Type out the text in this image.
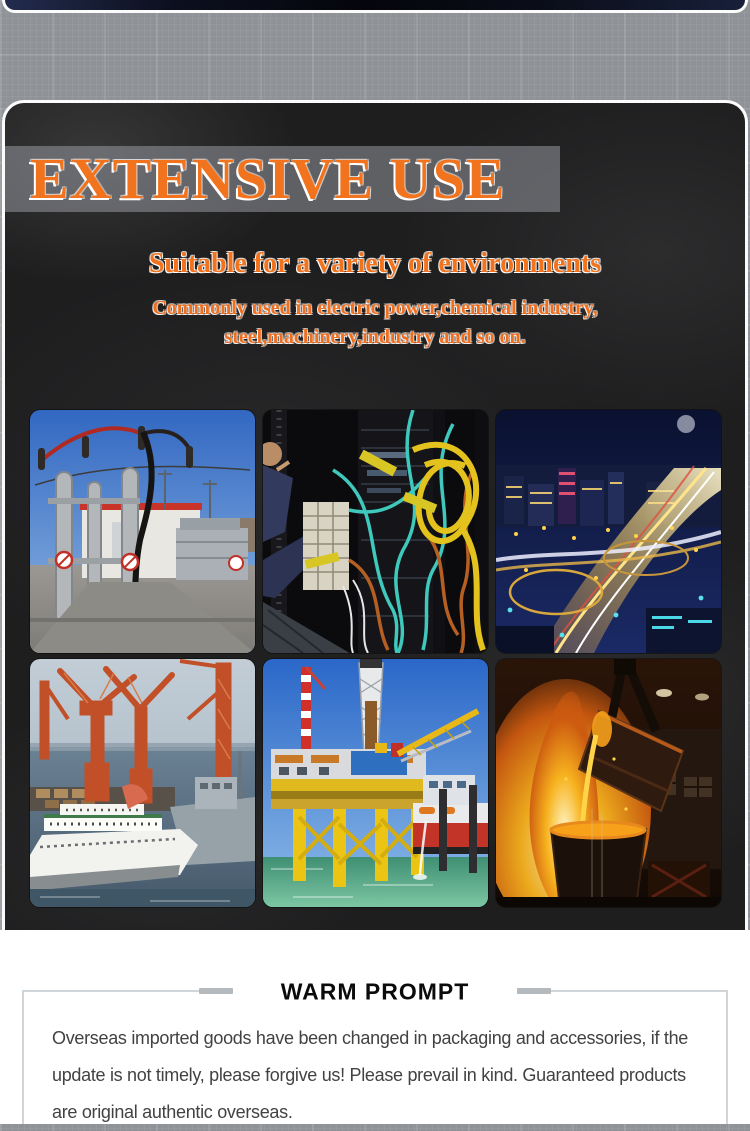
EXTENSIVE USE
Suitable for a variety of environments

Commonly used in electric power,chemical industry,
steel,machinery,industry and so on.

WARM PROMPT

Overseas imported goods have been changed in packaging and accessories, if the
update is not timely, please forgive us! Please prevail in kind. Guaranteed products
are original authentic overseas.
